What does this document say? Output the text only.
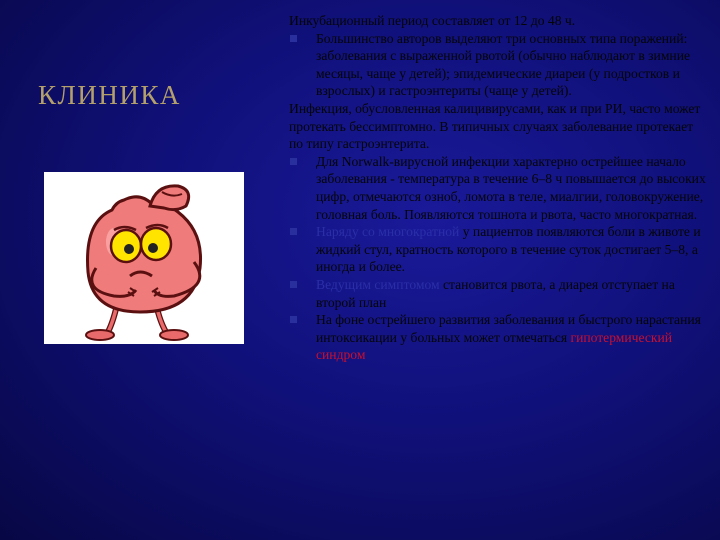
КЛИНИКА

Инкубационный период составляет от 12 до 48 ч.

Большинство авторов выделяют три основных типа поражений: заболевания с выраженной рвотой (обычно наблюдают в зимние месяцы, чаще у детей); эпидемические диареи (у подростков и взрослых) и гастроэнтериты (чаще у детей).

Инфекция, обусловленная калицивирусами, как и при РИ, часто может протекать бессимптомно. В типичных случаях заболевание протекает по типу гастроэнтерита.

Для Norwalk-вирусной инфекции характерно острейшее начало заболевания - температура в течение 6–8 ч повышается до высоких цифр, отмечаются озноб, ломота в теле, миалгии, головокружение, головная боль. Появляются тошнота и рвота, часто многократная.

Наряду со многократной у пациентов появляются боли в животе и жидкий стул, кратность которого в течение суток достигает 5–8, а иногда и более.

Ведущим симптомом становится рвота, а диарея отступает на второй план

На фоне острейшего развития заболевания и быстрого нарастания интоксикации у больных может отмечаться гипотермический синдром
